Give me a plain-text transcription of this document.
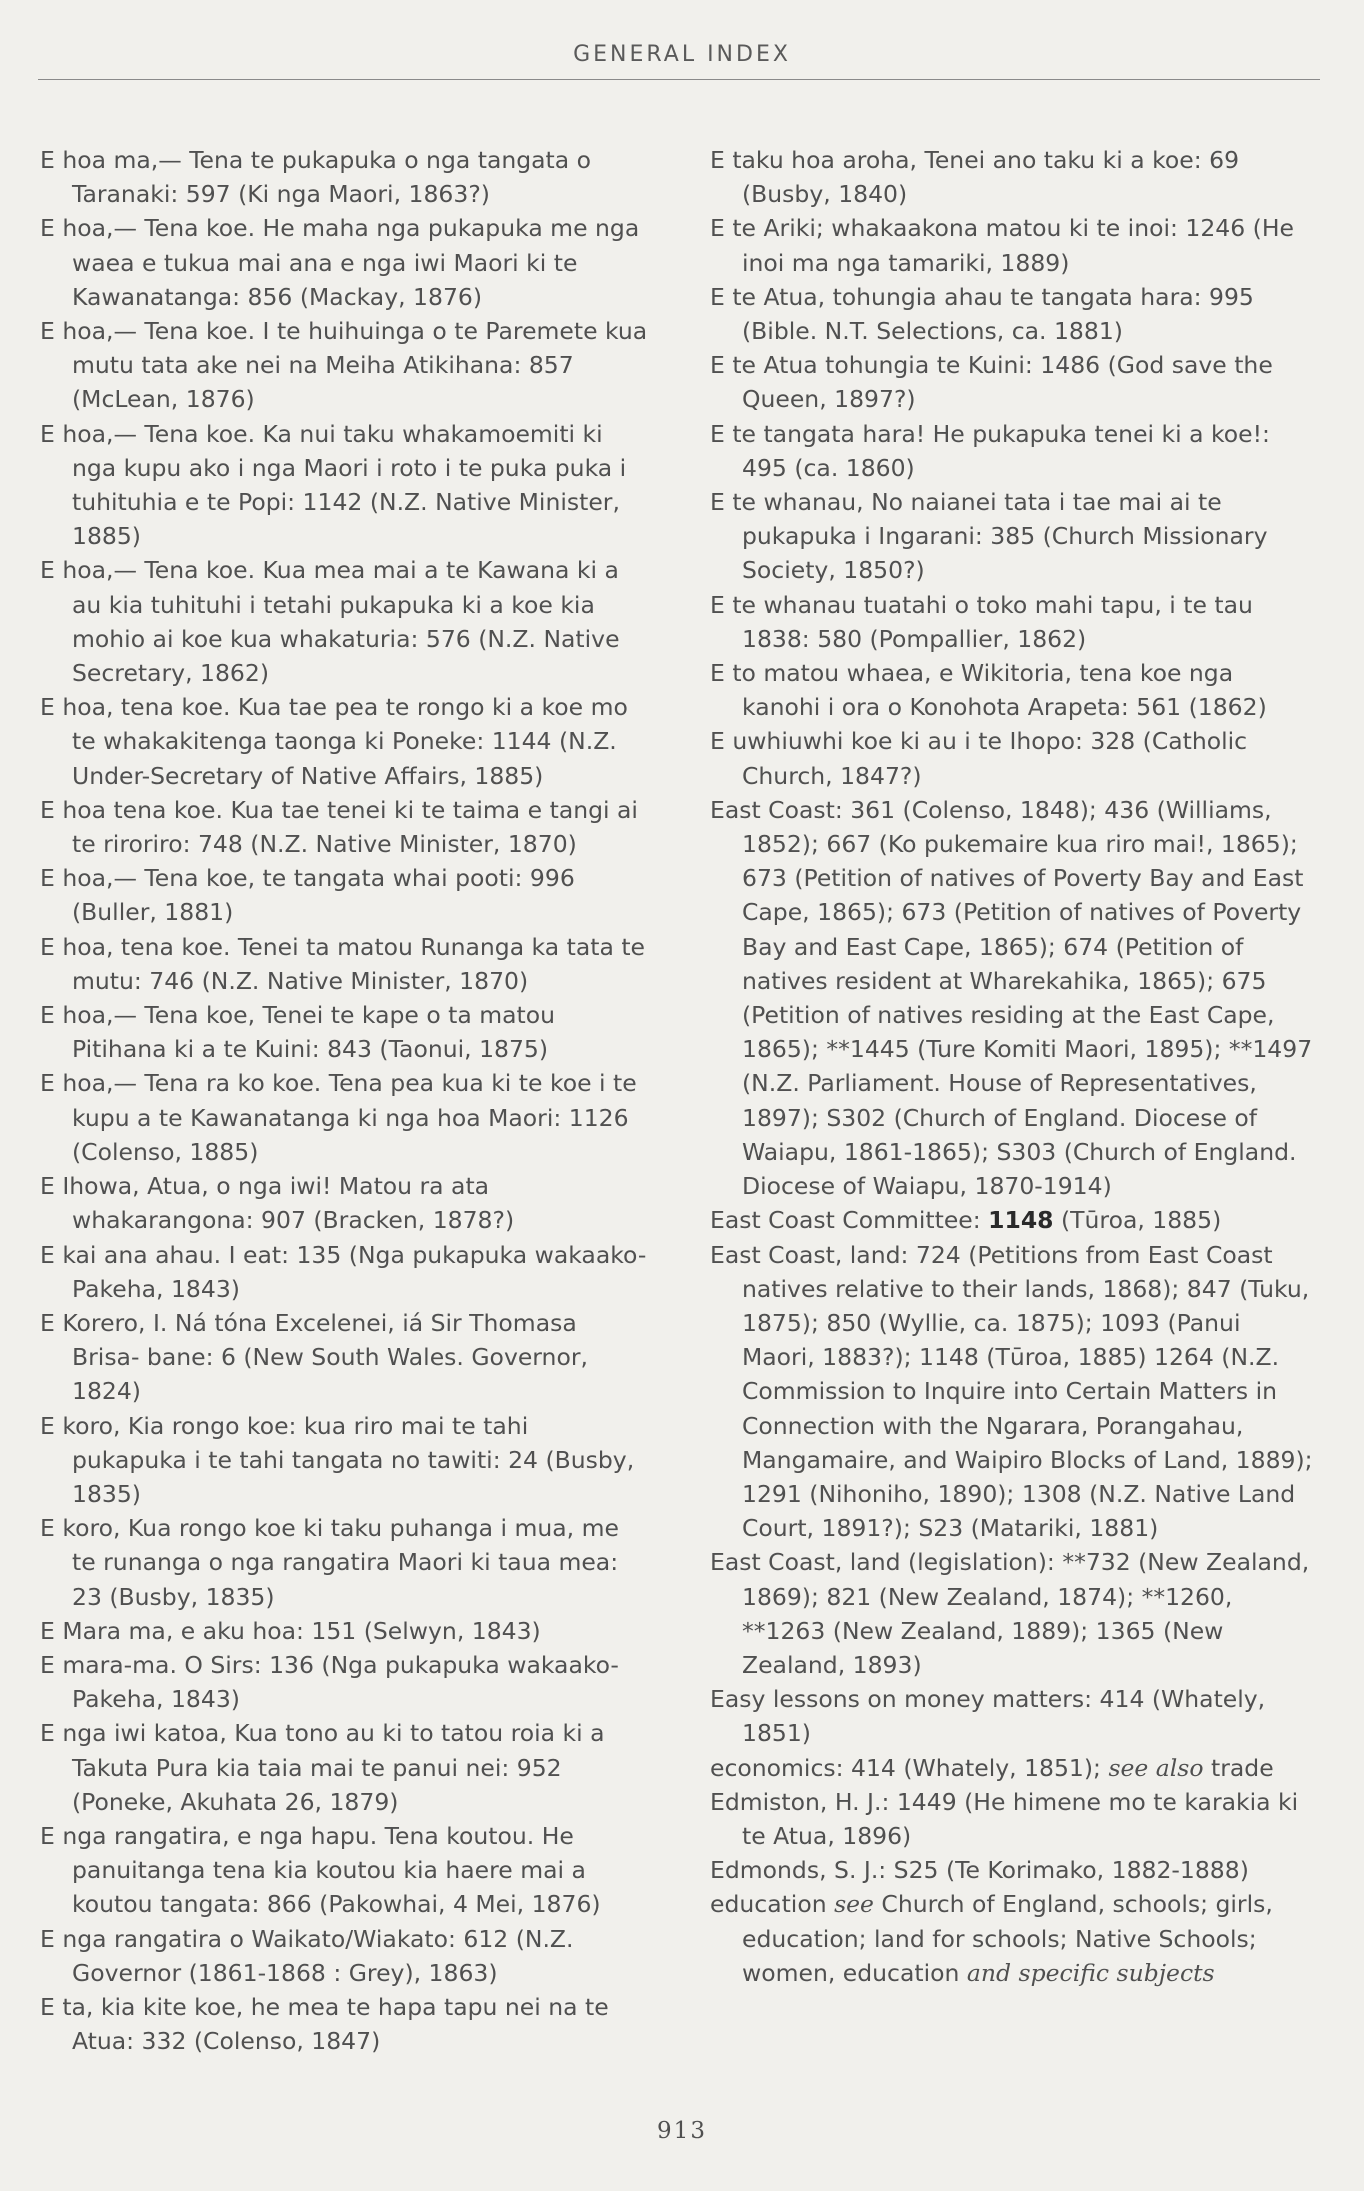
GENERAL INDEX

E hoa ma,— Tena te pukapuka o nga tangata o Taranaki: 597 (Ki nga Maori, 1863?)

E hoa,— Tena koe. He maha nga pukapuka me nga waea e tukua mai ana e nga iwi Maori ki te Kawanatanga: 856 (Mackay, 1876)

E hoa,— Tena koe. I te huihuinga o te Paremete kua mutu tata ake nei na Meiha Atikihana: 857 (McLean, 1876)

E hoa,— Tena koe. Ka nui taku whakamoemiti ki nga kupu ako i nga Maori i roto i te puka puka i tuhituhia e te Popi: 1142 (N.Z. Native Minister, 1885)

E hoa,— Tena koe. Kua mea mai a te Kawana ki a au kia tuhituhi i tetahi pukapuka ki a koe kia mohio ai koe kua whakaturia: 576 (N.Z. Native Secretary, 1862)

E hoa, tena koe. Kua tae pea te rongo ki a koe mo te whakakitenga taonga ki Poneke: 1144 (N.Z. Under-Secretary of Native Affairs, 1885)

E hoa tena koe. Kua tae tenei ki te taima e tangi ai te riroriro: 748 (N.Z. Native Minister, 1870)

E hoa,— Tena koe, te tangata whai pooti: 996 (Buller, 1881)

E hoa, tena koe. Tenei ta matou Runanga ka tata te mutu: 746 (N.Z. Native Minister, 1870)

E hoa,— Tena koe, Tenei te kape o ta matou Pitihana ki a te Kuini: 843 (Taonui, 1875)

E hoa,— Tena ra ko koe. Tena pea kua ki te koe i te kupu a te Kawanatanga ki nga hoa Maori: 1126 (Colenso, 1885)

E Ihowa, Atua, o nga iwi! Matou ra ata whakarangona: 907 (Bracken, 1878?)

E kai ana ahau. I eat: 135 (Nga pukapuka wakaako-Pakeha, 1843)

E Korero, I. Ná tóna Excelenei, iá Sir Thomasa Brisa- bane: 6 (New South Wales. Governor, 1824)

E koro, Kia rongo koe: kua riro mai te tahi pukapuka i te tahi tangata no tawiti: 24 (Busby, 1835)

E koro, Kua rongo koe ki taku puhanga i mua, me te runanga o nga rangatira Maori ki taua mea: 23 (Busby, 1835)

E Mara ma, e aku hoa: 151 (Selwyn, 1843)

E mara-ma. O Sirs: 136 (Nga pukapuka wakaako-Pakeha, 1843)

E nga iwi katoa, Kua tono au ki to tatou roia ki a Takuta Pura kia taia mai te panui nei: 952 (Poneke, Akuhata 26, 1879)

E nga rangatira, e nga hapu. Tena koutou. He panuitanga tena kia koutou kia haere mai a koutou tangata: 866 (Pakowhai, 4 Mei, 1876)

E nga rangatira o Waikato/Wiakato: 612 (N.Z. Governor (1861-1868 : Grey), 1863)

E ta, kia kite koe, he mea te hapa tapu nei na te Atua: 332 (Colenso, 1847)

E taku hoa aroha, Tenei ano taku ki a koe: 69 (Busby, 1840)

E te Ariki; whakaakona matou ki te inoi: 1246 (He inoi ma nga tamariki, 1889)

E te Atua, tohungia ahau te tangata hara: 995 (Bible. N.T. Selections, ca. 1881)

E te Atua tohungia te Kuini: 1486 (God save the Queen, 1897?)

E te tangata hara! He pukapuka tenei ki a koe!: 495 (ca. 1860)

E te whanau, No naianei tata i tae mai ai te pukapuka i Ingarani: 385 (Church Missionary Society, 1850?)

E te whanau tuatahi o toko mahi tapu, i te tau 1838: 580 (Pompallier, 1862)

E to matou whaea, e Wikitoria, tena koe nga kanohi i ora o Konohota Arapeta: 561 (1862)

E uwhiuwhi koe ki au i te Ihopo: 328 (Catholic Church, 1847?)

East Coast: 361 (Colenso, 1848); 436 (Williams, 1852); 667 (Ko pukemaire kua riro mai!, 1865); 673 (Petition of natives of Poverty Bay and East Cape, 1865); 673 (Petition of natives of Poverty Bay and East Cape, 1865); 674 (Petition of natives resident at Wharekahika, 1865); 675 (Petition of natives residing at the East Cape, 1865); **1445 (Ture Komiti Maori, 1895); **1497 (N.Z. Parliament. House of Representatives, 1897); S302 (Church of England. Diocese of Waiapu, 1861-1865); S303 (Church of England. Diocese of Waiapu, 1870-1914)

East Coast Committee: 1148 (Tūroa, 1885)

East Coast, land: 724 (Petitions from East Coast natives relative to their lands, 1868); 847 (Tuku, 1875); 850 (Wyllie, ca. 1875); 1093 (Panui Maori, 1883?); 1148 (Tūroa, 1885) 1264 (N.Z. Commission to Inquire into Certain Matters in Connection with the Ngarara, Porangahau, Mangamaire, and Waipiro Blocks of Land, 1889); 1291 (Nihoniho, 1890); 1308 (N.Z. Native Land Court, 1891?); S23 (Matariki, 1881)

East Coast, land (legislation): **732 (New Zealand, 1869); 821 (New Zealand, 1874); **1260, **1263 (New Zealand, 1889); 1365 (New Zealand, 1893)

Easy lessons on money matters: 414 (Whately, 1851)

economics: 414 (Whately, 1851); see also trade

Edmiston, H. J.: 1449 (He himene mo te karakia ki te Atua, 1896)

Edmonds, S. J.: S25 (Te Korimako, 1882-1888)

education see Church of England, schools; girls, education; land for schools; Native Schools; women, education and specific subjects

913
